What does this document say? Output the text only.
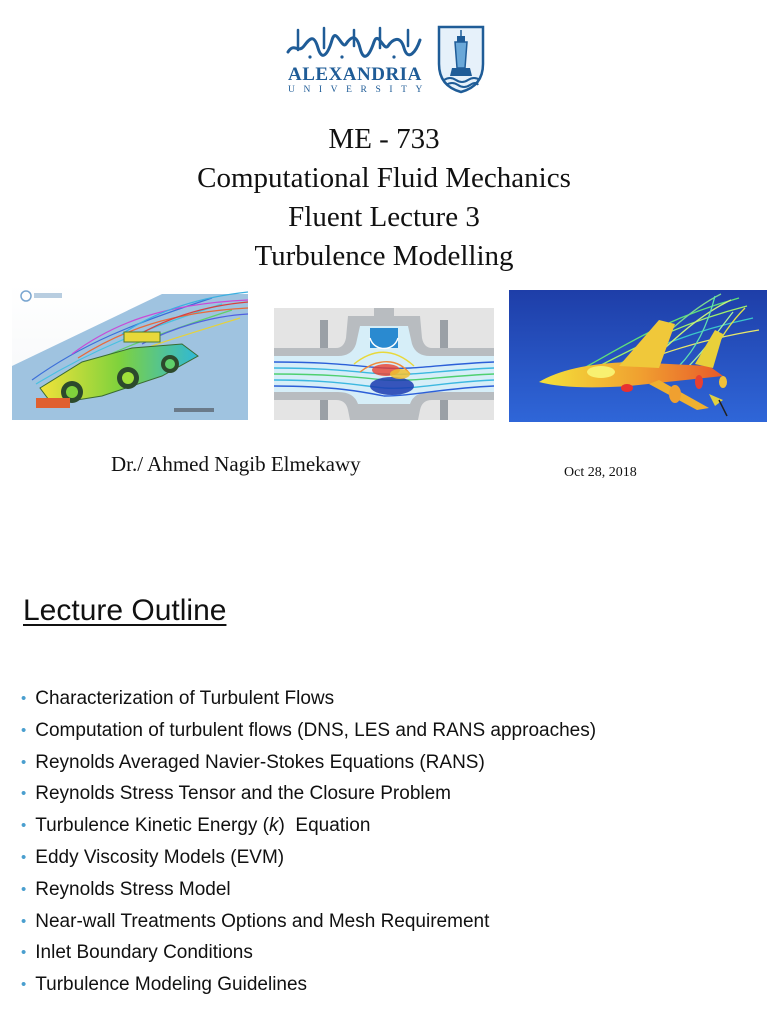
ALEXANDRIA
UNIVERSITY
ME - 733
Computational Fluid Mechanics
Fluent Lecture 3
Turbulence Modelling
Dr./ Ahmed Nagib Elmekawy	Oct 28, 2018
Lecture Outline
• Characterization of Turbulent Flows
• Computation of turbulent flows (DNS, LES and RANS approaches)
• Reynolds Averaged Navier-Stokes Equations (RANS)
• Reynolds Stress Tensor and the Closure Problem
• Turbulence Kinetic Energy (k)  Equation
• Eddy Viscosity Models (EVM)
• Reynolds Stress Model
• Near-wall Treatments Options and Mesh Requirement
• Inlet Boundary Conditions
• Turbulence Modeling Guidelines
